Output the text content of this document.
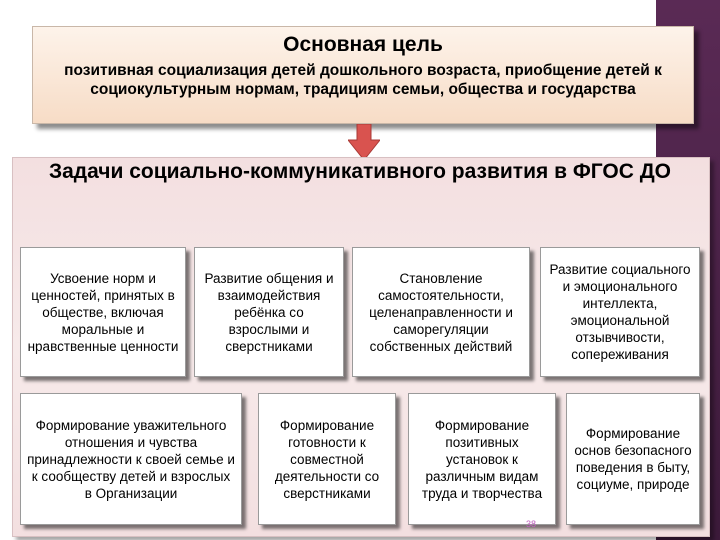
Основная цель
позитивная социализация детей дошкольного возраста, приобщение детей к социокультурным нормам, традициям семьи, общества и государства
Задачи социально-коммуникативного развития в ФГОС ДО
Усвоение норм и ценностей, принятых в обществе, включая моральные и нравственные ценности
Развитие общения и взаимодействия ребёнка со взрослыми и сверстниками
Становление самостоятельности, целенаправленности и саморегуляции собственных действий
Развитие социального и эмоционального интеллекта, эмоциональной отзывчивости, сопереживания
Формирование уважительного отношения и чувства принадлежности к своей семье и к сообществу детей и взрослых в Организации
Формирование готовности к совместной деятельности со сверстниками
Формирование позитивных установок к различным видам труда и творчества
Формирование основ безопасного поведения в быту, социуме, природе
38
